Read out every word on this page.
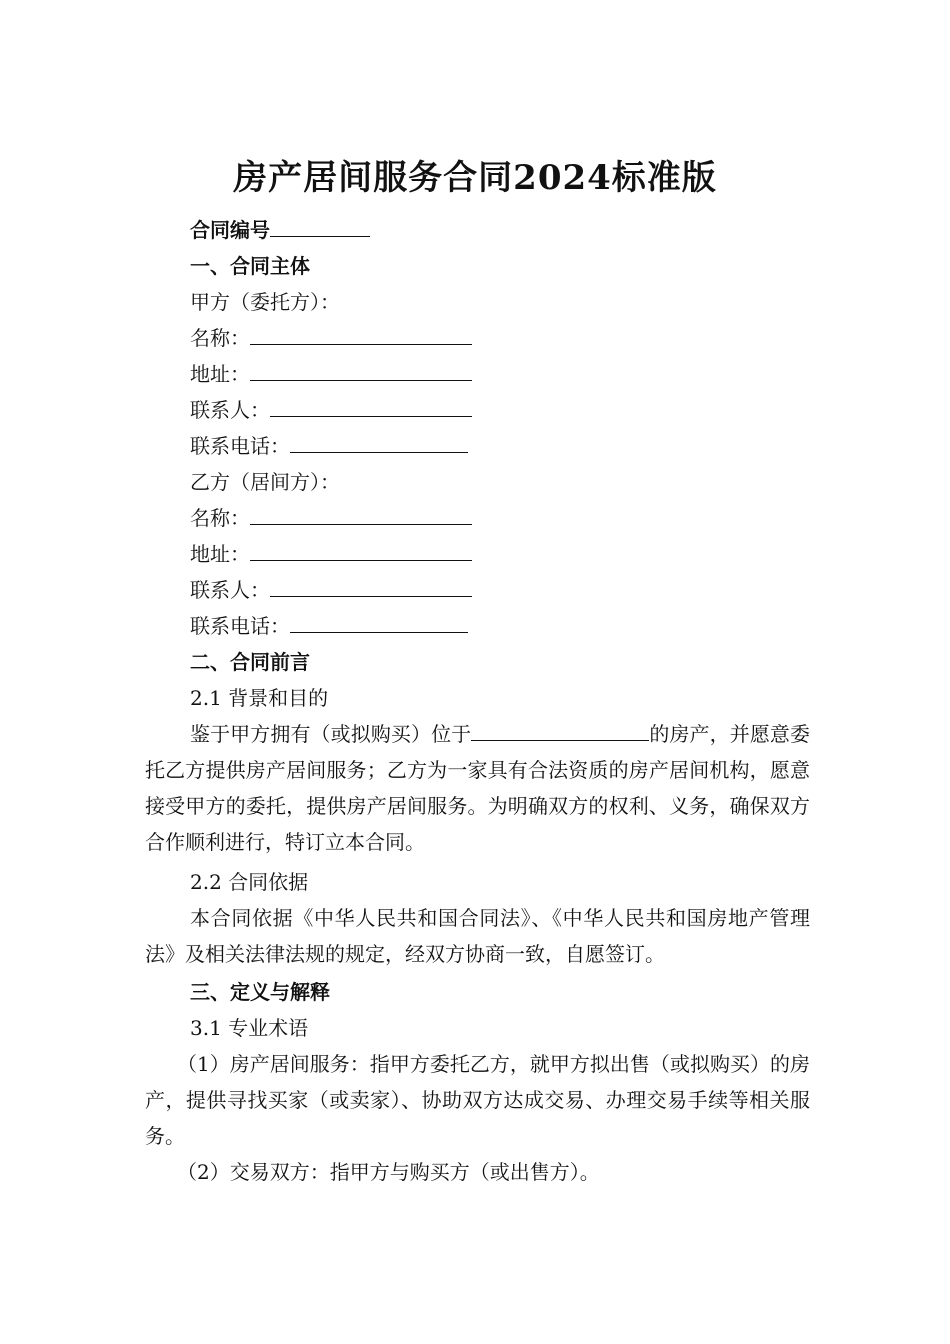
房产居间服务合同2024标准版
合同编号
一、合同主体
甲方（委托方）：
名称：
地址：
联系人：
联系电话：
乙方（居间方）：
名称：
地址：
联系人：
联系电话：
二、合同前言
2.1 背景和目的
鉴于甲方拥有（或拟购买）位于	的房产，并愿意委托乙方提供房产居间服务；乙方为一家具有合法资质的房产居间机构，愿意接受甲方的委托，提供房产居间服务。为明确双方的权利、义务，确保双方合作顺利进行，特订立本合同。
2.2 合同依据
本合同依据《中华人民共和国合同法》、《中华人民共和国房地产管理法》及相关法律法规的规定，经双方协商一致，自愿签订。
三、定义与解释
3.1 专业术语
（1）房产居间服务：指甲方委托乙方，就甲方拟出售（或拟购买）的房产，提供寻找买家（或卖家）、协助双方达成交易、办理交易手续等相关服务。
（2）交易双方：指甲方与购买方（或出售方）。
